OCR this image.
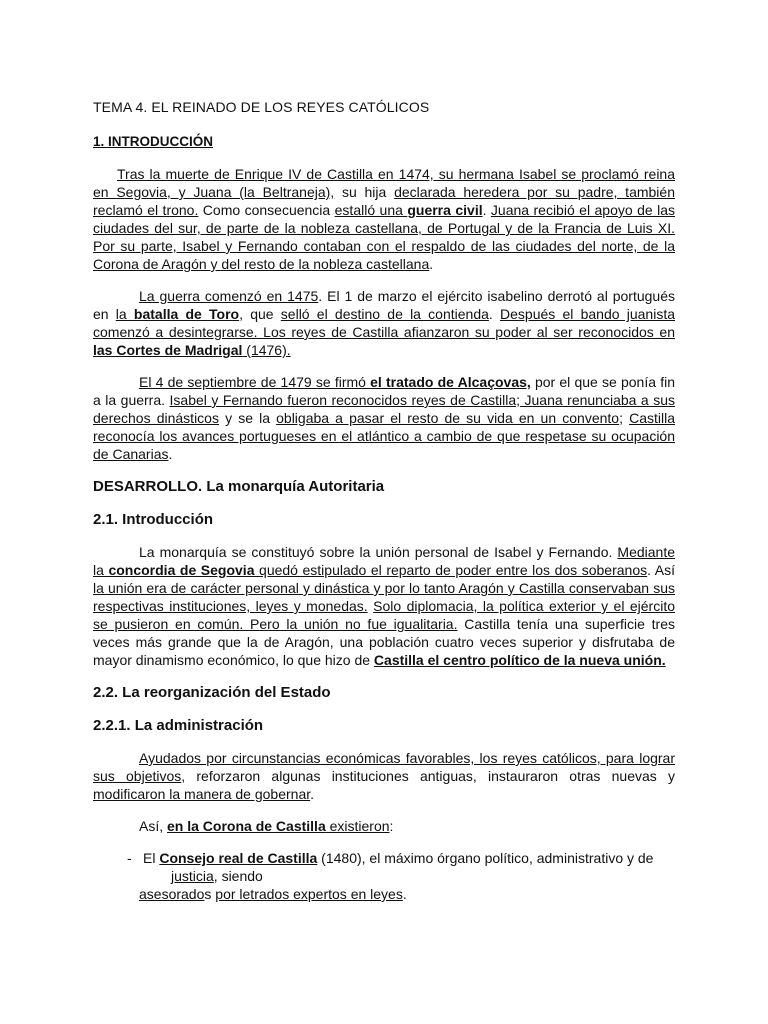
TEMA 4. EL REINADO DE LOS REYES CATÓLICOS
1. INTRODUCCIÓN

Tras la muerte de Enrique IV de Castilla en 1474, su hermana Isabel se proclamó reina en Segovia, y Juana (la Beltraneja), su hija declarada heredera por su padre, también reclamó el trono. Como consecuencia estalló una guerra civil. Juana recibió el apoyo de las ciudades del sur, de parte de la nobleza castellana, de Portugal y de la Francia de Luis XI. Por su parte, Isabel y Fernando contaban con el respaldo de las ciudades del norte, de la Corona de Aragón y del resto de la nobleza castellana.

La guerra comenzó en 1475. El 1 de marzo el ejército isabelino derrotó al portugués en la batalla de Toro, que selló el destino de la contienda. Después el bando juanista comenzó a desintegrarse. Los reyes de Castilla afianzaron su poder al ser reconocidos en las Cortes de Madrigal (1476).

El 4 de septiembre de 1479 se firmó el tratado de Alcaçovas, por el que se ponía fin a la guerra. Isabel y Fernando fueron reconocidos reyes de Castilla; Juana renunciaba a sus derechos dinásticos y se la obligaba a pasar el resto de su vida en un convento; Castilla reconocía los avances portugueses en el atlántico a cambio de que respetase su ocupación de Canarias.

DESARROLLO. La monarquía Autoritaria
2.1. Introducción

La monarquía se constituyó sobre la unión personal de Isabel y Fernando. Mediante la concordia de Segovia quedó estipulado el reparto de poder entre los dos soberanos. Así la unión era de carácter personal y dinástica y por lo tanto Aragón y Castilla conservaban sus respectivas instituciones, leyes y monedas. Solo diplomacia, la política exterior y el ejército se pusieron en común. Pero la unión no fue igualitaria. Castilla tenía una superficie tres veces más grande que la de Aragón, una población cuatro veces superior y disfrutaba de mayor dinamismo económico, lo que hizo de Castilla el centro político de la nueva unión.

2.2. La reorganización del Estado
2.2.1. La administración

Ayudados por circunstancias económicas favorables, los reyes católicos, para lograr sus objetivos, reforzaron algunas instituciones antiguas, instauraron otras nuevas y modificaron la manera de gobernar.

Así, en la Corona de Castilla existieron:

- El Consejo real de Castilla (1480), el máximo órgano político, administrativo y de
justicia, siendo
asesorados por letrados expertos en leyes.
